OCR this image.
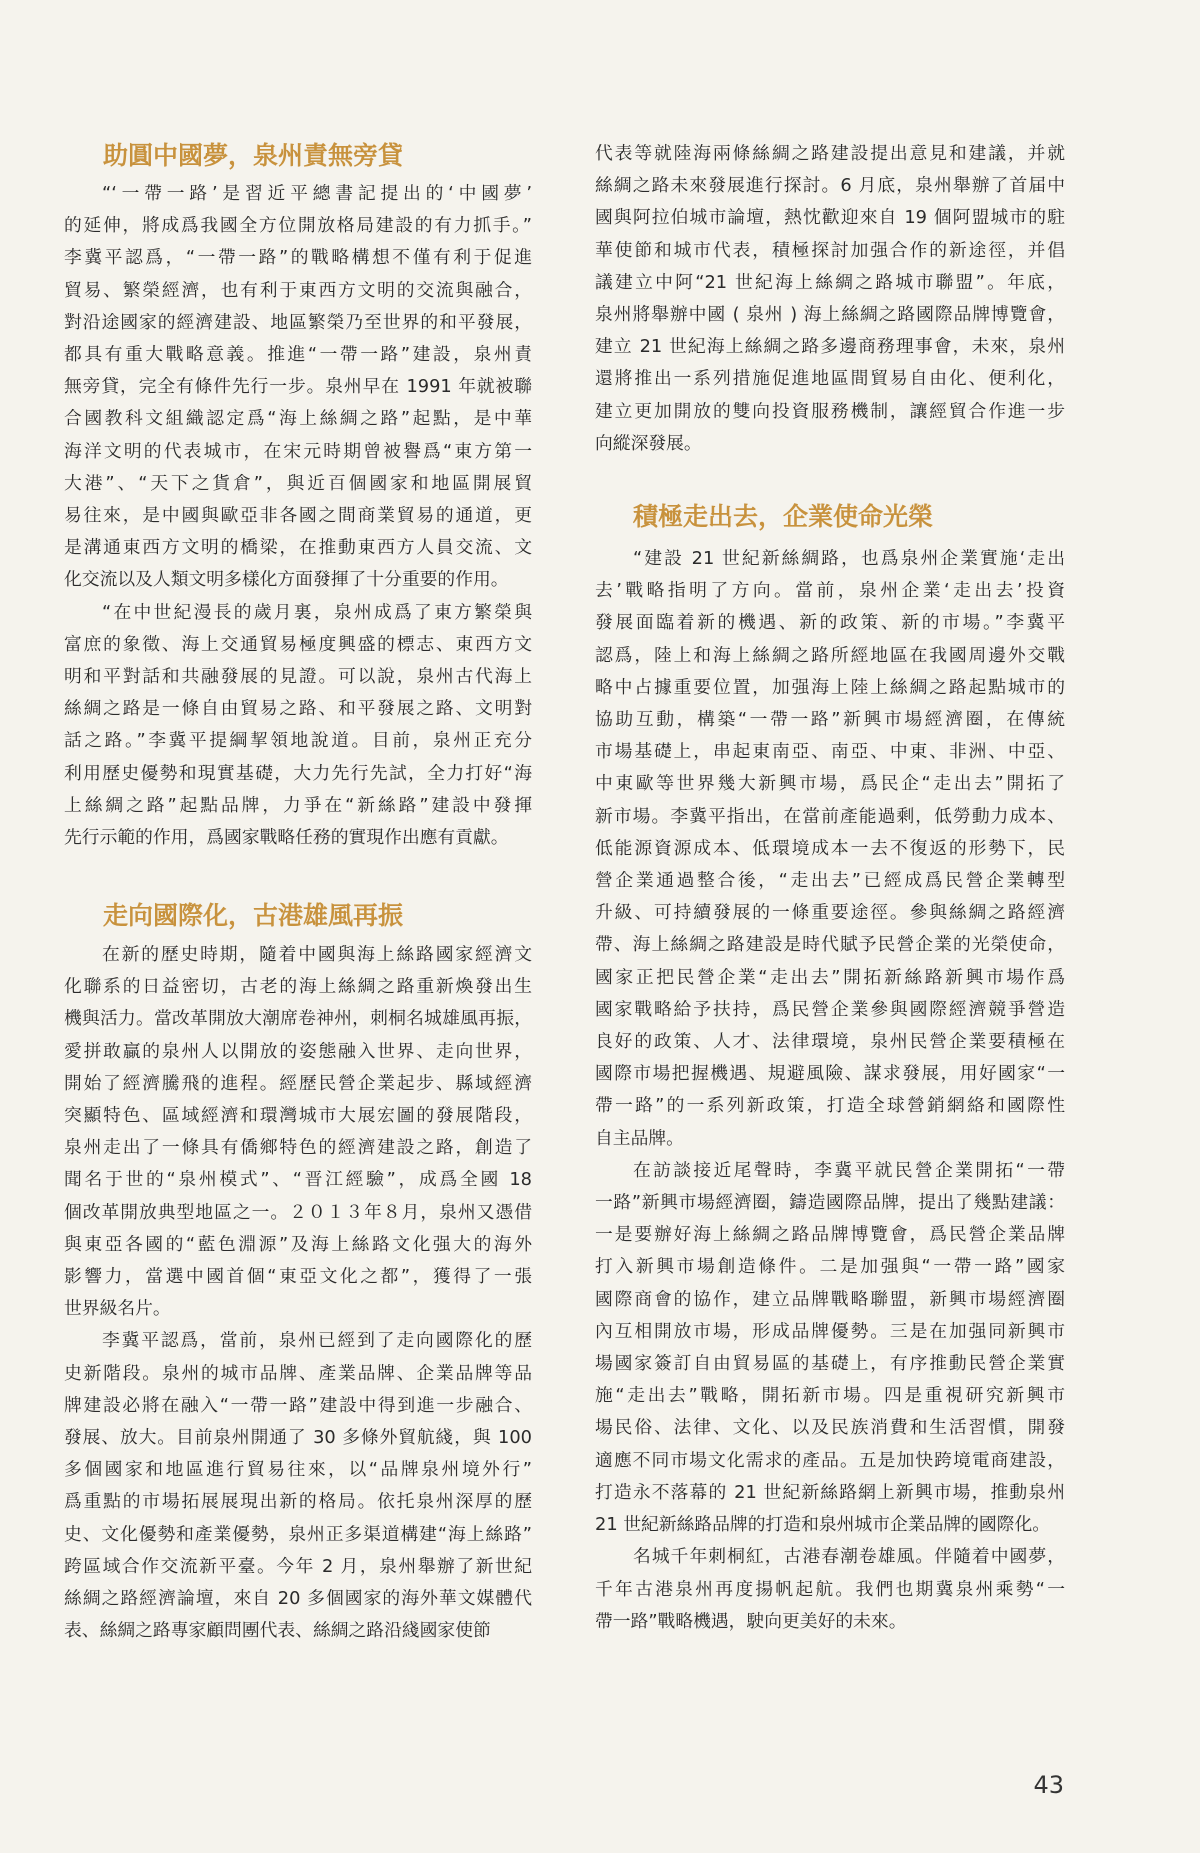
助圓中國夢，泉州責無旁貸
“‘一帶一路’是習近平總書記提出的‘中國夢’
的延伸，將成爲我國全方位開放格局建設的有力抓手。”
李冀平認爲，“一帶一路”的戰略構想不僅有利于促進
貿易、繁榮經濟，也有利于東西方文明的交流與融合，
對沿途國家的經濟建設、地區繁榮乃至世界的和平發展，
都具有重大戰略意義。推進“一帶一路”建設，泉州責
無旁貸，完全有條件先行一步。泉州早在 1991 年就被聯
合國教科文組織認定爲“海上絲綢之路”起點，是中華
海洋文明的代表城市，在宋元時期曾被譽爲“東方第一
大港”、“天下之貨倉”，與近百個國家和地區開展貿
易往來，是中國與歐亞非各國之間商業貿易的通道，更
是溝通東西方文明的橋梁，在推動東西方人員交流、文
化交流以及人類文明多樣化方面發揮了十分重要的作用。
“在中世紀漫長的歲月裏，泉州成爲了東方繁榮與
富庶的象徵、海上交通貿易極度興盛的標志、東西方文
明和平對話和共融發展的見證。可以說，泉州古代海上
絲綢之路是一條自由貿易之路、和平發展之路、文明對
話之路。”李冀平提綱挈領地說道。目前，泉州正充分
利用歷史優勢和現實基礎，大力先行先試，全力打好“海
上絲綢之路”起點品牌，力爭在“新絲路”建設中發揮
先行示範的作用，爲國家戰略任務的實現作出應有貢獻。
走向國際化，古港雄風再振
在新的歷史時期，隨着中國與海上絲路國家經濟文
化聯系的日益密切，古老的海上絲綢之路重新煥發出生
機與活力。當改革開放大潮席卷神州，刺桐名城雄風再振，
愛拼敢贏的泉州人以開放的姿態融入世界、走向世界，
開始了經濟騰飛的進程。經歷民營企業起步、縣域經濟
突顯特色、區域經濟和環灣城市大展宏圖的發展階段，
泉州走出了一條具有僑鄉特色的經濟建設之路，創造了
聞名于世的“泉州模式”、“晋江經驗”，成爲全國 18
個改革開放典型地區之一。２０１３年８月，泉州又憑借
與東亞各國的“藍色淵源”及海上絲路文化强大的海外
影響力，當選中國首個“東亞文化之都”，獲得了一張
世界級名片。
李冀平認爲，當前，泉州已經到了走向國際化的歷
史新階段。泉州的城市品牌、產業品牌、企業品牌等品
牌建設必將在融入“一帶一路”建設中得到進一步融合、
發展、放大。目前泉州開通了 30 多條外貿航綫，與 100
多個國家和地區進行貿易往來，以“品牌泉州境外行”
爲重點的市場拓展展現出新的格局。依托泉州深厚的歷
史、文化優勢和產業優勢，泉州正多渠道構建“海上絲路”
跨區域合作交流新平臺。今年 2 月，泉州舉辦了新世紀
絲綢之路經濟論壇，來自 20 多個國家的海外華文媒體代
表、絲綢之路專家顧問團代表、絲綢之路沿綫國家使節
代表等就陸海兩條絲綢之路建設提出意見和建議，并就
絲綢之路未來發展進行探討。6 月底，泉州舉辦了首届中
國與阿拉伯城市論壇，熱忱歡迎來自 19 個阿盟城市的駐
華使節和城市代表，積極探討加强合作的新途徑，并倡
議建立中阿“21 世紀海上絲綢之路城市聯盟”。年底，
泉州將舉辦中國 ( 泉州 ) 海上絲綢之路國際品牌博覽會，
建立 21 世紀海上絲綢之路多邊商務理事會，未來，泉州
還將推出一系列措施促進地區間貿易自由化、便利化，
建立更加開放的雙向投資服務機制，讓經貿合作進一步
向縱深發展。
積極走出去，企業使命光榮
“建設 21 世紀新絲綢路，也爲泉州企業實施‘走出
去’戰略指明了方向。當前，泉州企業‘走出去’投資
發展面臨着新的機遇、新的政策、新的市場。”李冀平
認爲，陸上和海上絲綢之路所經地區在我國周邊外交戰
略中占據重要位置，加强海上陸上絲綢之路起點城市的
協助互動，構築“一帶一路”新興市場經濟圈，在傳統
市場基礎上，串起東南亞、南亞、中東、非洲、中亞、
中東歐等世界幾大新興市場，爲民企“走出去”開拓了
新市場。李冀平指出，在當前產能過剩，低勞動力成本、
低能源資源成本、低環境成本一去不復返的形勢下，民
營企業通過整合後，“走出去”已經成爲民營企業轉型
升級、可持續發展的一條重要途徑。參與絲綢之路經濟
帶、海上絲綢之路建設是時代賦予民營企業的光榮使命，
國家正把民營企業“走出去”開拓新絲路新興市場作爲
國家戰略給予扶持，爲民營企業參與國際經濟競爭營造
良好的政策、人才、法律環境，泉州民營企業要積極在
國際市場把握機遇、規避風險、謀求發展，用好國家“一
帶一路”的一系列新政策，打造全球營銷網絡和國際性
自主品牌。
在訪談接近尾聲時，李冀平就民營企業開拓“一帶
一路”新興市場經濟圈，鑄造國際品牌，提出了幾點建議：
一是要辦好海上絲綢之路品牌博覽會，爲民營企業品牌
打入新興市場創造條件。二是加强與“一帶一路”國家
國際商會的協作，建立品牌戰略聯盟，新興市場經濟圈
內互相開放市場，形成品牌優勢。三是在加强同新興市
場國家簽訂自由貿易區的基礎上，有序推動民營企業實
施“走出去”戰略，開拓新市場。四是重視研究新興市
場民俗、法律、文化、以及民族消費和生活習慣，開發
適應不同市場文化需求的產品。五是加快跨境電商建設，
打造永不落幕的 21 世紀新絲路網上新興市場，推動泉州
21 世紀新絲路品牌的打造和泉州城市企業品牌的國際化。
名城千年刺桐紅，古港春潮卷雄風。伴隨着中國夢，
千年古港泉州再度揚帆起航。我們也期冀泉州乘勢“一
帶一路”戰略機遇，駛向更美好的未來。
43
